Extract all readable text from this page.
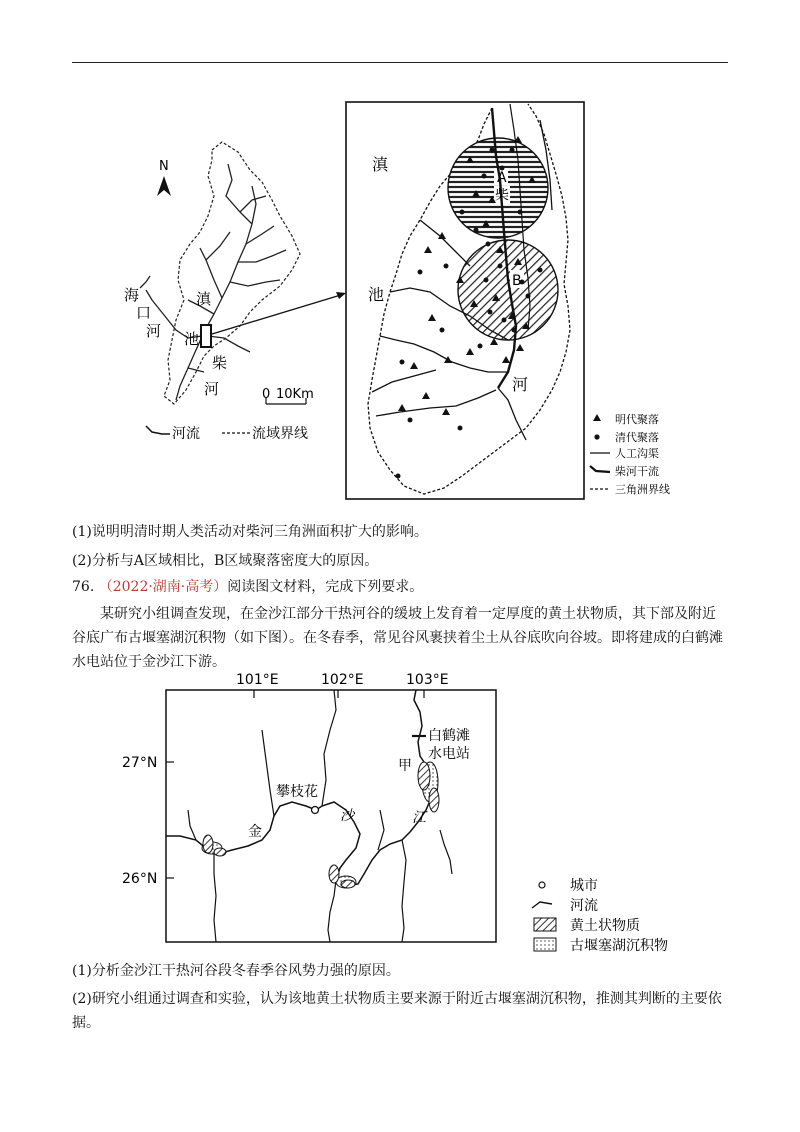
N
海
口
河
滇
池
柴
河	0 10Km
河流	流域界线
滇
池
河
柴
A
B
明代聚落
清代聚落
人工沟渠
柴河干流
三角洲界线
(1)说明明清时期人类活动对柴河三角洲面积扩大的影响。
(2)分析与A区域相比，B区域聚落密度大的原因。
76. （2022·湖南·高考）阅读图文材料，完成下列要求。
某研究小组调查发现，在金沙江部分干热河谷的缓坡上发育着一定厚度的黄土状物质，其下部及附近谷底广布古堰塞湖沉积物（如下图）。在冬春季，常见谷风裹挟着尘土从谷底吹向谷坡。即将建成的白鹤滩水电站位于金沙江下游。
101°E	102°E	103°E
27°N
26°N
白鹤滩
水电站
甲
攀枝花
金
沙	江
城市
河流
黄土状物质
古堰塞湖沉积物
(1)分析金沙江干热河谷段冬春季谷风势力强的原因。
(2)研究小组通过调查和实验，认为该地黄土状物质主要来源于附近古堰塞湖沉积物，推测其判断的主要依
据。
